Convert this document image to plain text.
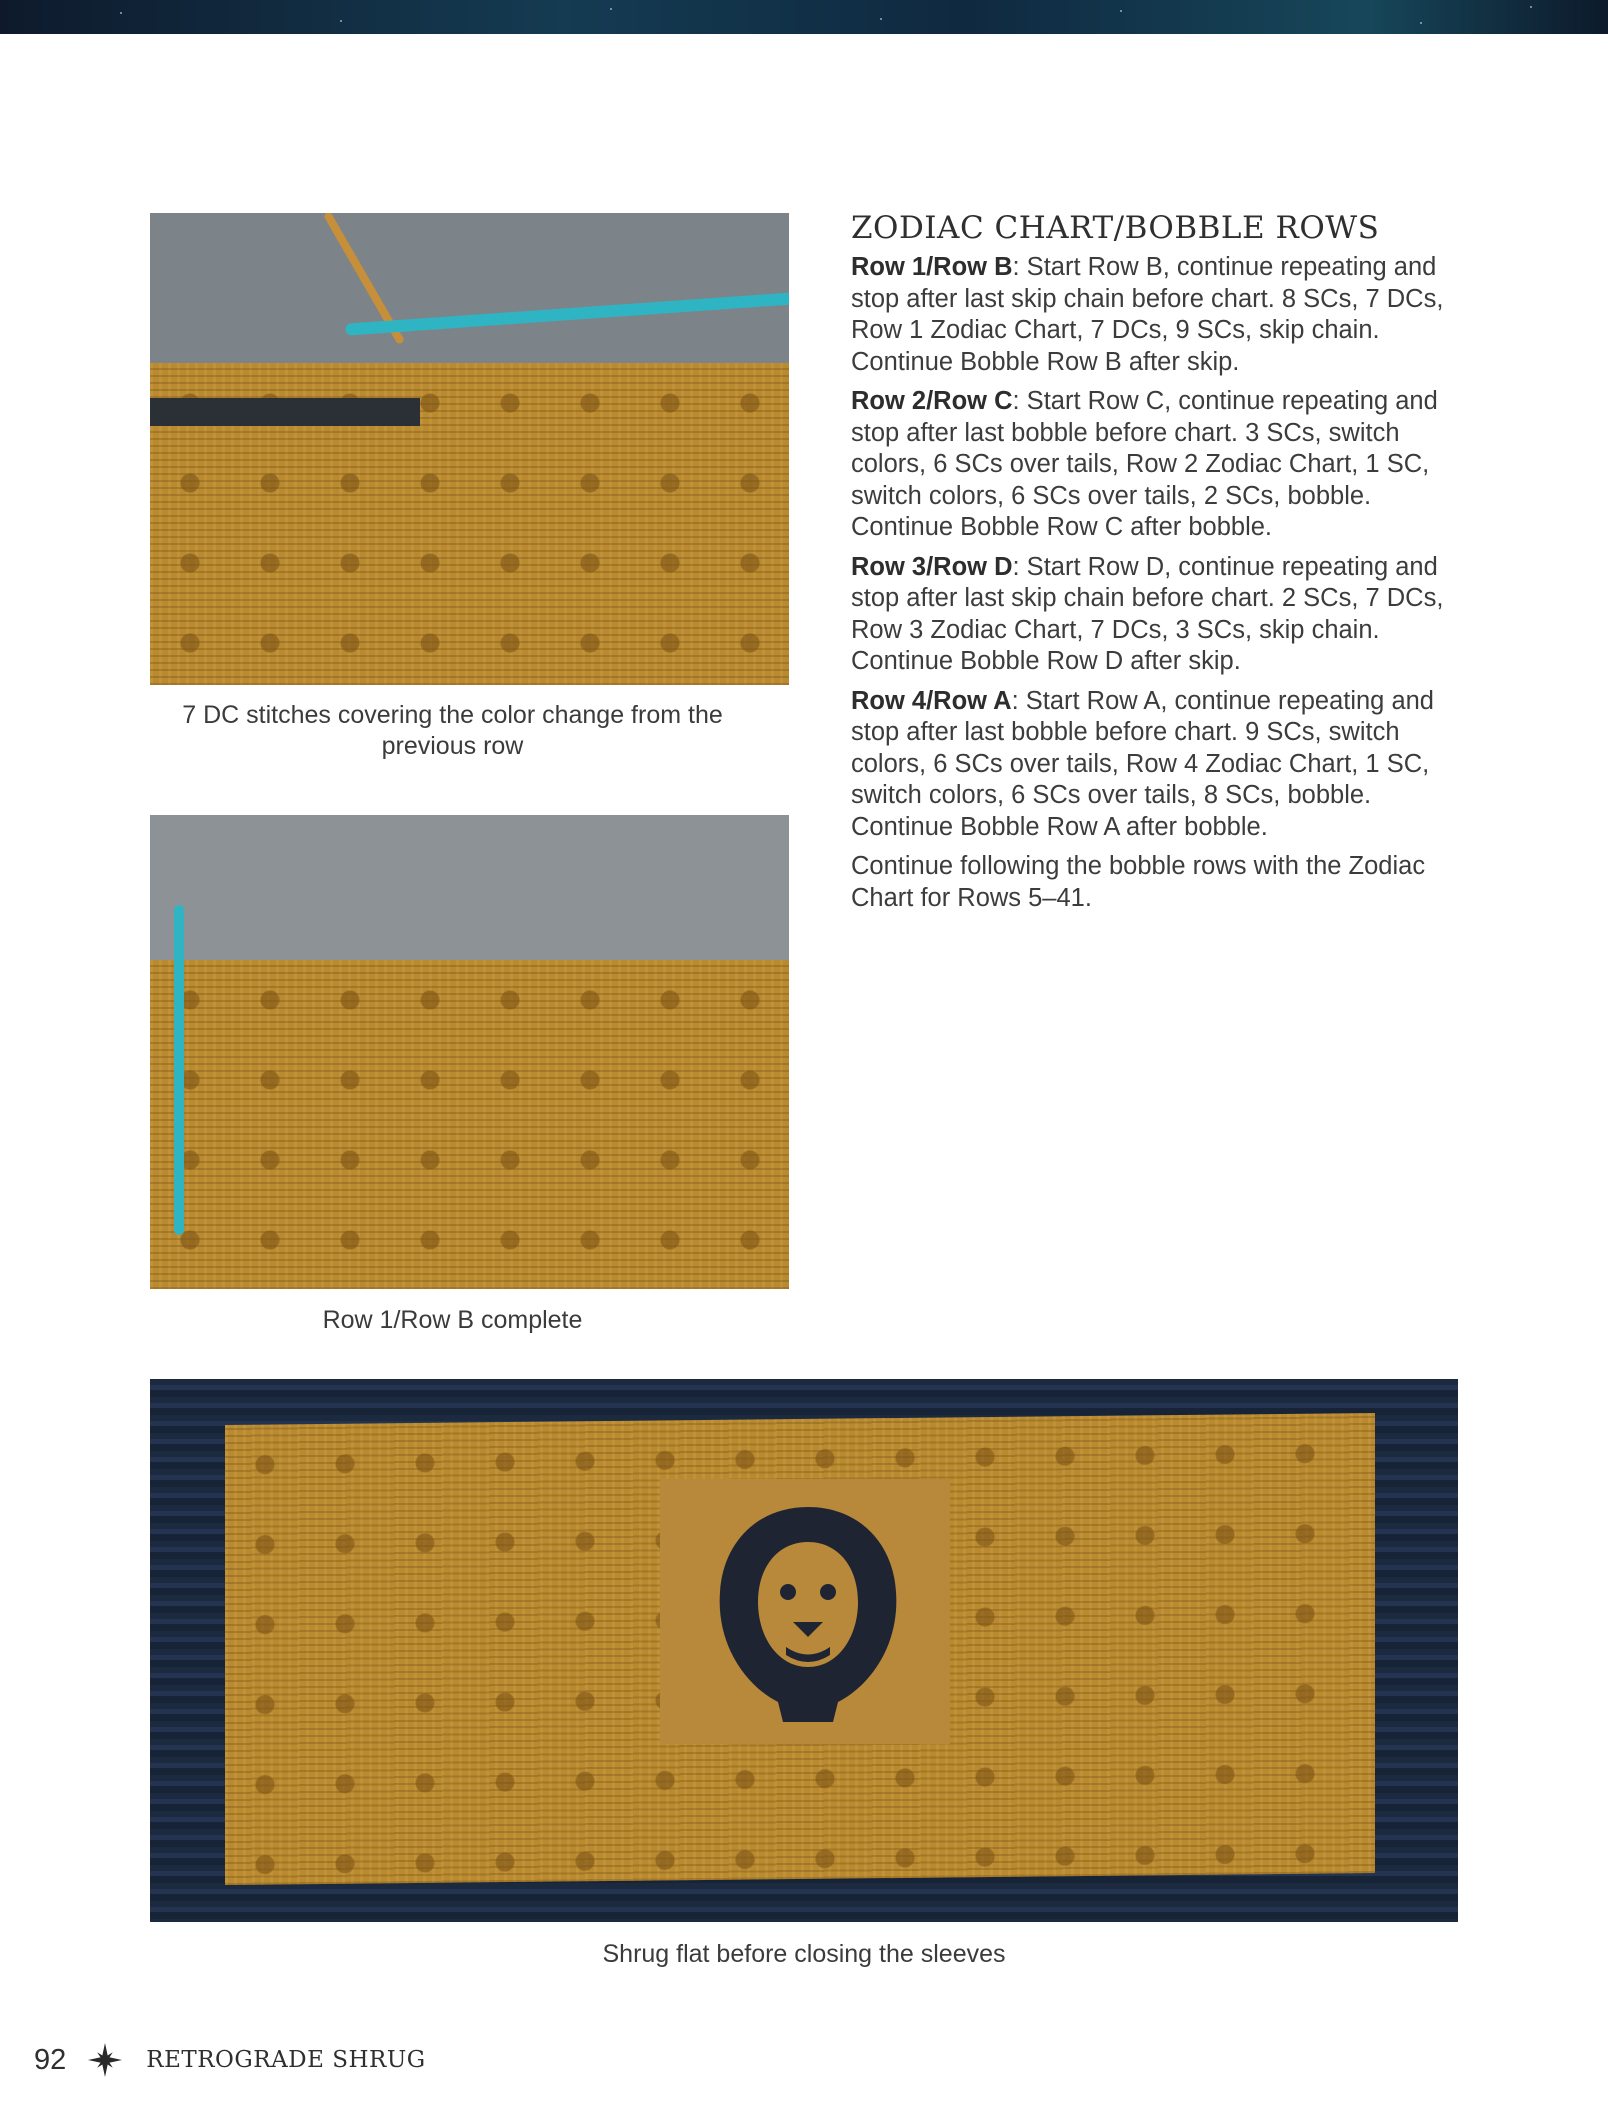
7 DC stitches covering the color change from the previous row
Row 1/Row B complete
Shrug flat before closing the sleeves
ZODIAC CHART/BOBBLE ROWS

Row 1/Row B: Start Row B, continue repeating and stop after last skip chain before chart. 8 SCs, 7 DCs, Row 1 Zodiac Chart, 7 DCs, 9 SCs, skip chain. Continue Bobble Row B after skip.

Row 2/Row C: Start Row C, continue repeating and stop after last bobble before chart. 3 SCs, switch colors, 6 SCs over tails, Row 2 Zodiac Chart, 1 SC, switch colors, 6 SCs over tails, 2 SCs, bobble. Continue Bobble Row C after bobble.

Row 3/Row D: Start Row D, continue repeating and stop after last skip chain before chart. 2 SCs, 7 DCs, Row 3 Zodiac Chart, 7 DCs, 3 SCs, skip chain. Continue Bobble Row D after skip.

Row 4/Row A: Start Row A, continue repeating and stop after last bobble before chart. 9 SCs, switch colors, 6 SCs over tails, Row 4 Zodiac Chart, 1 SC, switch colors, 6 SCs over tails, 8 SCs, bobble. Continue Bobble Row A after bobble.

Continue following the bobble rows with the Zodiac Chart for Rows 5–41.

92	RETROGRADE SHRUG
